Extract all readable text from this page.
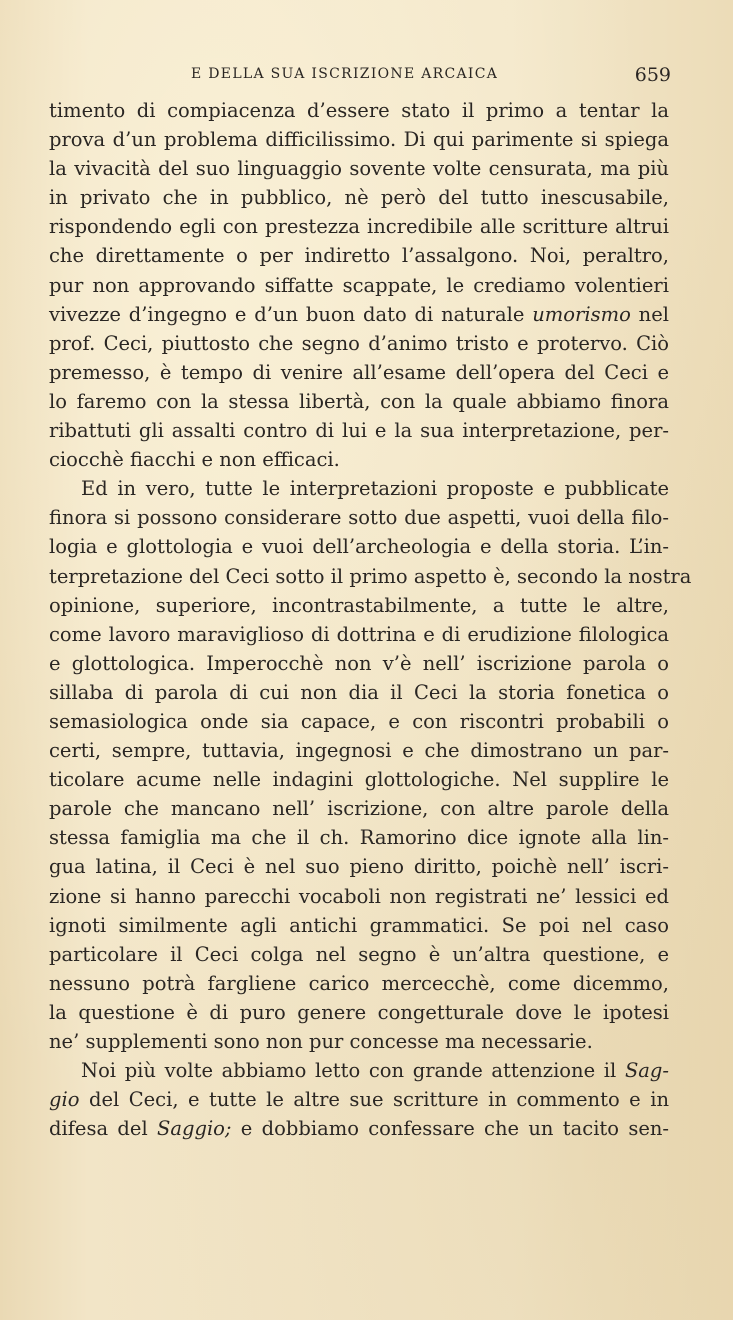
E DELLA SUA ISCRIZIONE ARCAICA	659
timento di compiacenza d’essere stato il primo a tentar la
prova d’un problema difficilissimo. Di qui parimente si spiega
la vivacità del suo linguaggio sovente volte censurata, ma più
in privato che in pubblico, nè però del tutto inescusabile,
rispondendo egli con prestezza incredibile alle scritture altrui
che direttamente o per indiretto l’assalgono. Noi, peraltro,
pur non approvando siffatte scappate, le crediamo volentieri
vivezze d’ingegno e d’un buon dato di naturale umorismo nel
prof. Ceci, piuttosto che segno d’animo tristo e protervo. Ciò
premesso, è tempo di venire all’esame dell’opera del Ceci e
lo faremo con la stessa libertà, con la quale abbiamo finora
ribattuti gli assalti contro di lui e la sua interpretazione, per-
ciocchè fiacchi e non efficaci.
Ed in vero, tutte le interpretazioni proposte e pubblicate
finora si possono considerare sotto due aspetti, vuoi della filo-
logia e glottologia e vuoi dell’archeologia e della storia. L’in-
terpretazione del Ceci sotto il primo aspetto è, secondo la nostra
opinione, superiore, incontrastabilmente, a tutte le altre,
come lavoro maraviglioso di dottrina e di erudizione filologica
e glottologica. Imperocchè non v’è nell’ iscrizione parola o
sillaba di parola di cui non dia il Ceci la storia fonetica o
semasiologica onde sia capace, e con riscontri probabili o
certi, sempre, tuttavia, ingegnosi e che dimostrano un par-
ticolare acume nelle indagini glottologiche. Nel supplire le
parole che mancano nell’ iscrizione, con altre parole della
stessa famiglia ma che il ch. Ramorino dice ignote alla lin-
gua latina, il Ceci è nel suo pieno diritto, poichè nell’ iscri-
zione si hanno parecchi vocaboli non registrati ne’ lessici ed
ignoti similmente agli antichi grammatici. Se poi nel caso
particolare il Ceci colga nel segno è un’altra questione, e
nessuno potrà fargliene carico mercecchè, come dicemmo,
la questione è di puro genere congetturale dove le ipotesi
ne’ supplementi sono non pur concesse ma necessarie.
Noi più volte abbiamo letto con grande attenzione il Sag-
gio del Ceci, e tutte le altre sue scritture in commento e in
difesa del Saggio; e dobbiamo confessare che un tacito sen-
